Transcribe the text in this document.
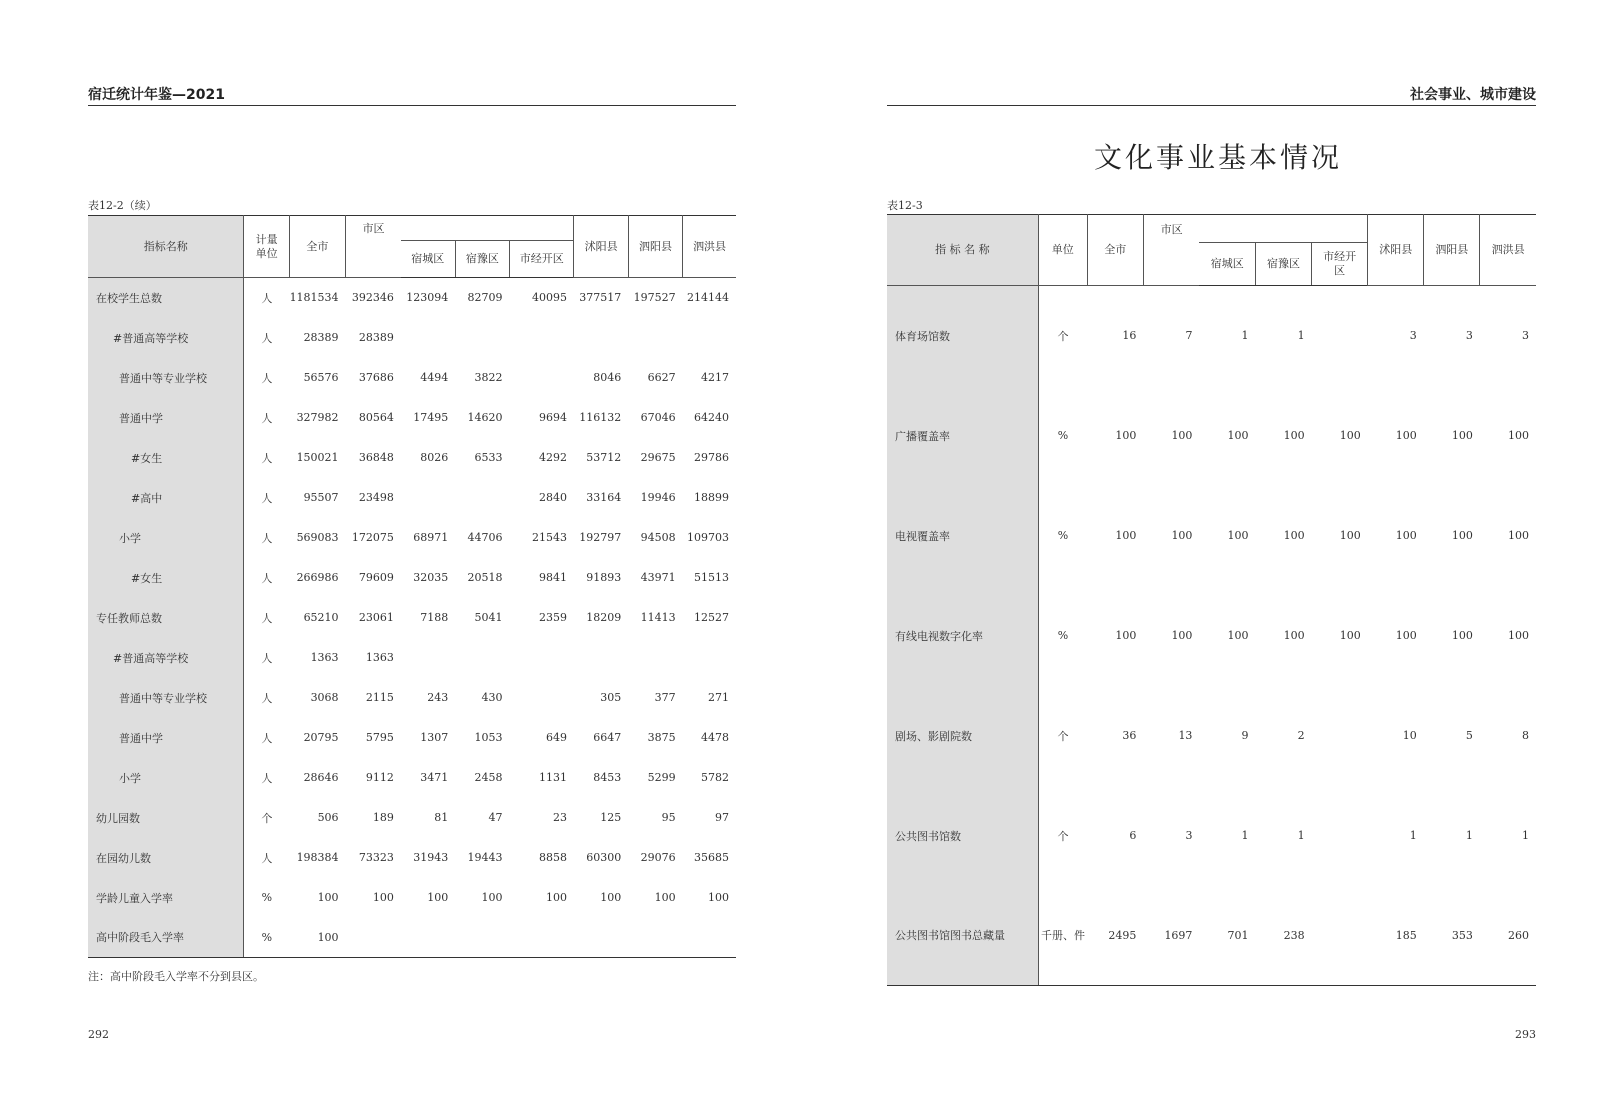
宿迁统计年鉴—2021
表12-2（续）
指标名称	计量单位	全市	市区				沭阳县	泗阳县	泗洪县
				宿城区	宿豫区	市经开区			
在校学生总数	人	1181534	392346	123094	82709	40095	377517	197527	214144
#普通高等学校	人	28389	28389						
普通中等专业学校	人	56576	37686	4494	3822		8046	6627	4217
普通中学	人	327982	80564	17495	14620	9694	116132	67046	64240
#女生	人	150021	36848	8026	6533	4292	53712	29675	29786
#高中	人	95507	23498			2840	33164	19946	18899
小学	人	569083	172075	68971	44706	21543	192797	94508	109703
#女生	人	266986	79609	32035	20518	9841	91893	43971	51513
专任教师总数	人	65210	23061	7188	5041	2359	18209	11413	12527
#普通高等学校	人	1363	1363						
普通中等专业学校	人	3068	2115	243	430		305	377	271
普通中学	人	20795	5795	1307	1053	649	6647	3875	4478
小学	人	28646	9112	3471	2458	1131	8453	5299	5782
幼儿园数	个	506	189	81	47	23	125	95	97
在园幼儿数	人	198384	73323	31943	19443	8858	60300	29076	35685
学龄儿童入学率	%	100	100	100	100	100	100	100	100
高中阶段毛入学率	%	100							
注：高中阶段毛入学率不分到县区。
292
社会事业、城市建设
文化事业基本情况
表12-3
指 标 名 称	单位	全市	市区				沭阳县	泗阳县	泗洪县
				宿城区	宿豫区	市经开区			
体育场馆数	个	16	7	1	1		3	3	3
广播覆盖率	%	100	100	100	100	100	100	100	100
电视覆盖率	%	100	100	100	100	100	100	100	100
有线电视数字化率	%	100	100	100	100	100	100	100	100
剧场、影剧院数	个	36	13	9	2		10	5	8
公共图书馆数	个	6	3	1	1		1	1	1
公共图书馆图书总藏量	千册、件	2495	1697	701	238		185	353	260
293
